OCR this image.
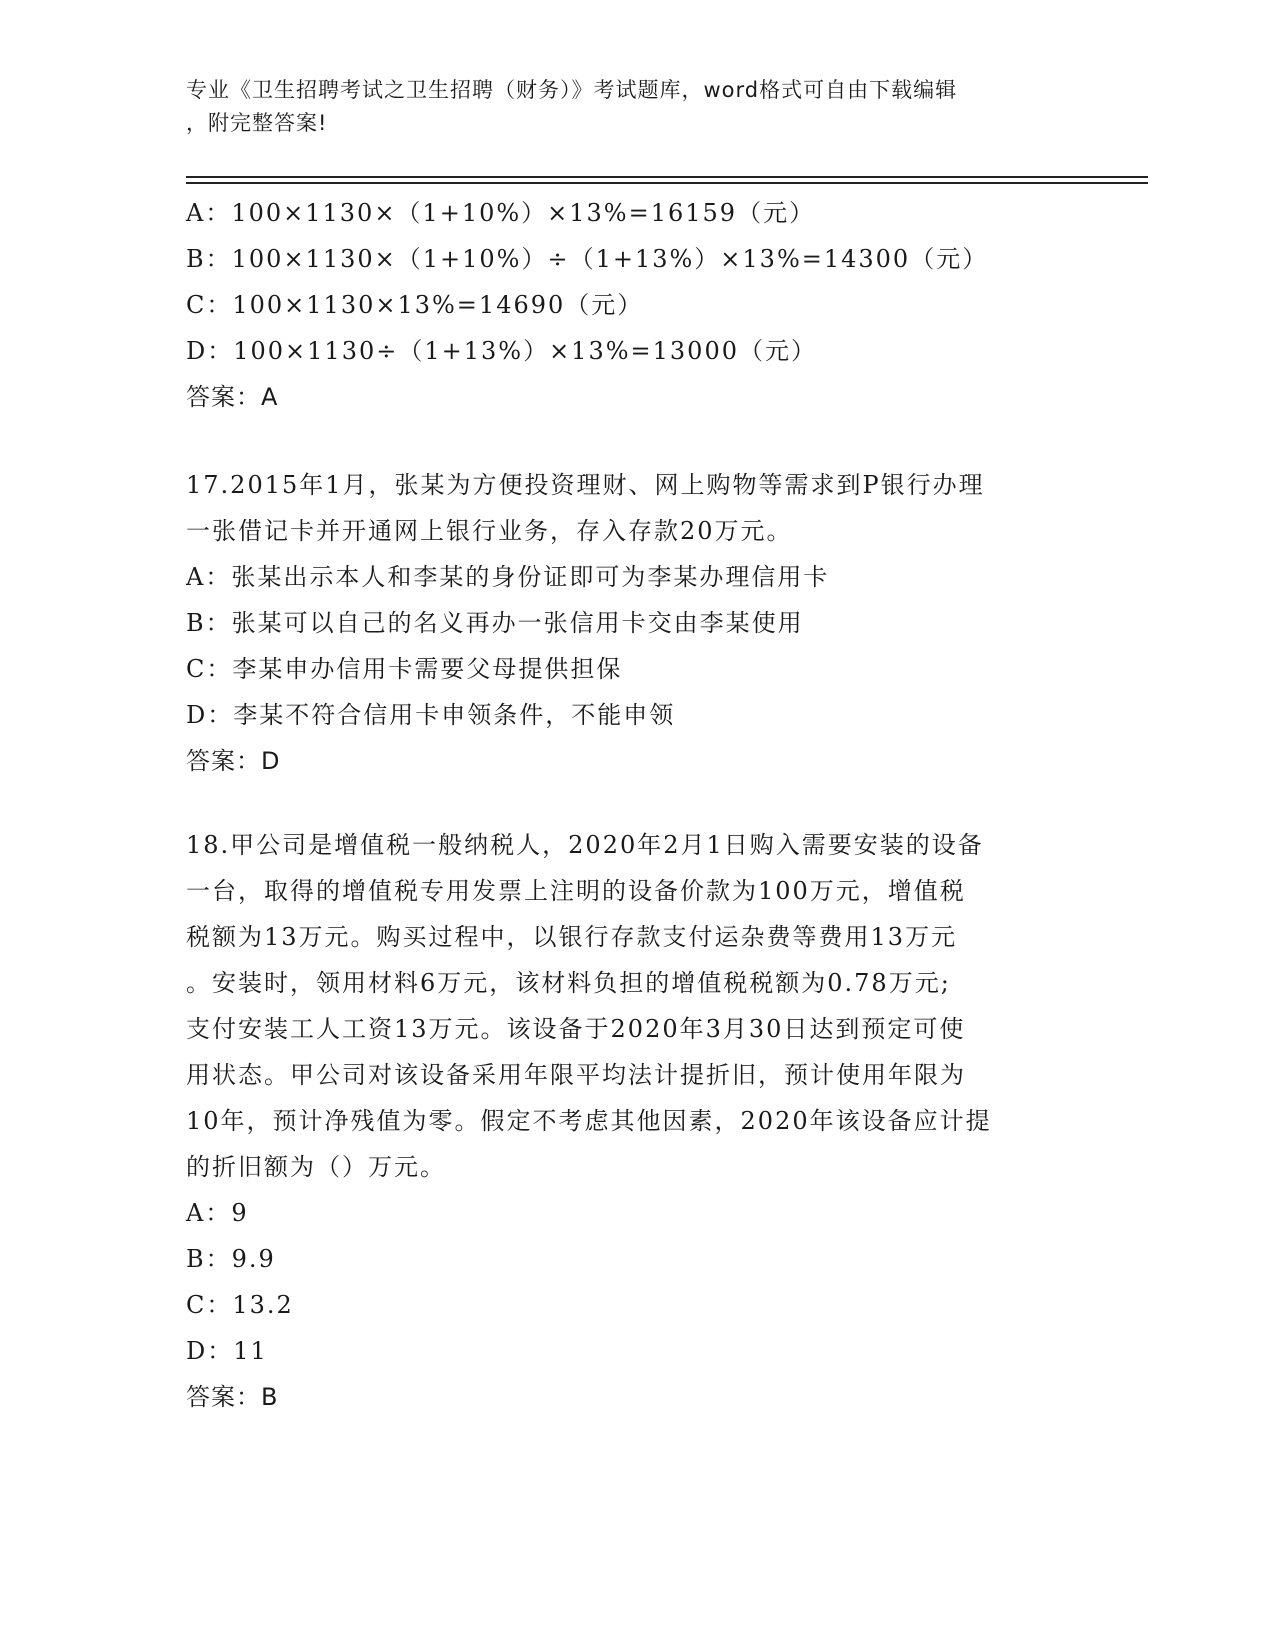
专业《卫生招聘考试之卫生招聘（财务）》考试题库，word格式可自由下载编辑
，附完整答案!
A：100×1130×（1+10%）×13%=16159（元）
B：100×1130×（1+10%）÷（1+13%）×13%=14300（元）
C：100×1130×13%=14690（元）
D：100×1130÷（1+13%）×13%=13000（元）
答案：A
17.2015年1月，张某为方便投资理财、网上购物等需求到P银行办理
一张借记卡并开通网上银行业务，存入存款20万元。
A：张某出示本人和李某的身份证即可为李某办理信用卡
B：张某可以自己的名义再办一张信用卡交由李某使用
C：李某申办信用卡需要父母提供担保
D：李某不符合信用卡申领条件，不能申领
答案：D
18.甲公司是增值税一般纳税人，2020年2月1日购入需要安装的设备
一台，取得的增值税专用发票上注明的设备价款为100万元，增值税
税额为13万元。购买过程中，以银行存款支付运杂费等费用13万元
。安装时，领用材料6万元，该材料负担的增值税税额为0.78万元;
支付安装工人工资13万元。该设备于2020年3月30日达到预定可使
用状态。甲公司对该设备采用年限平均法计提折旧，预计使用年限为
10年，预计净残值为零。假定不考虑其他因素，2020年该设备应计提
的折旧额为（）万元。
A：9
B：9.9
C：13.2
D：11
答案：B
